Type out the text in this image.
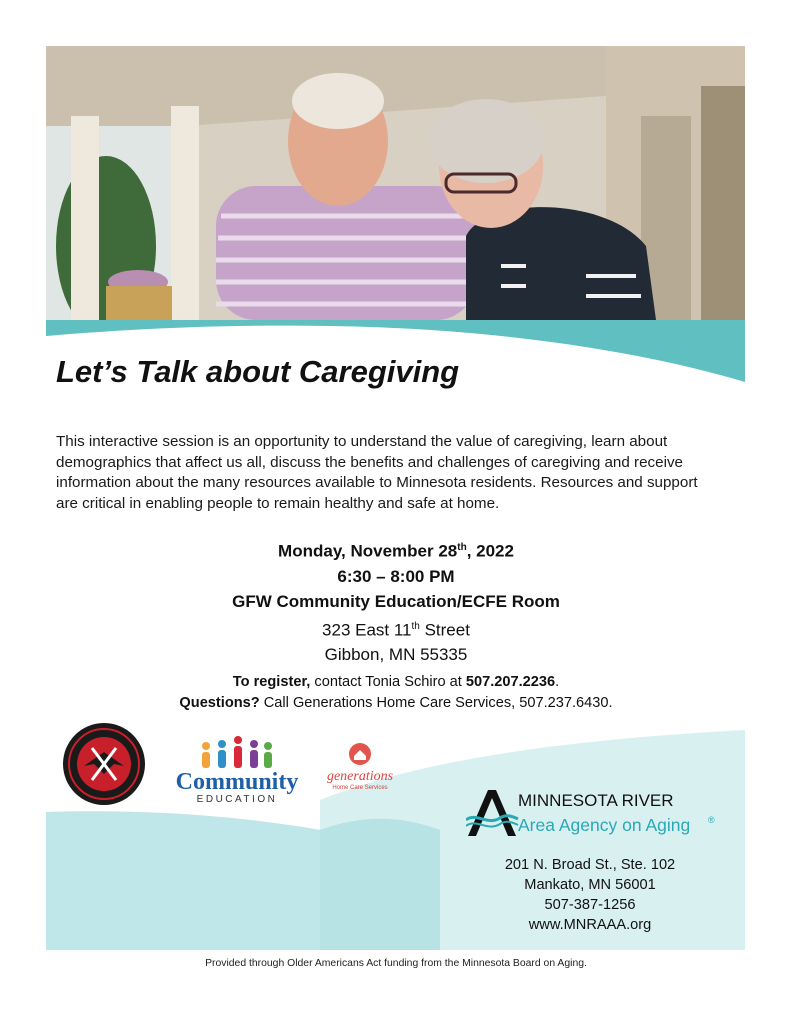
Let’s Talk about Caregiving

This interactive session is an opportunity to understand the value of caregiving, learn about

demographics that affect us all, discuss the benefits and challenges of caregiving and receive

information about the many resources available to Minnesota residents. Resources and support

are critical in enabling people to remain healthy and safe at home.

Monday, November 28th, 2022
6:30 – 8:00 PM
GFW Community Education/ECFE Room
323 East 11th Street
Gibbon, MN 55335
To register, contact Tonia Schiro at 507.207.2236.
Questions? Call Generations Home Care Services, 507.237.6430.
Community
EDUCATION
generations
Home Care Services
MINNESOTA RIVER
Area Agency on Aging ®
201 N. Broad St., Ste. 102
Mankato, MN 56001
507-387-1256
www.MNRAAA.org
Provided through Older Americans Act funding from the Minnesota Board on Aging.
